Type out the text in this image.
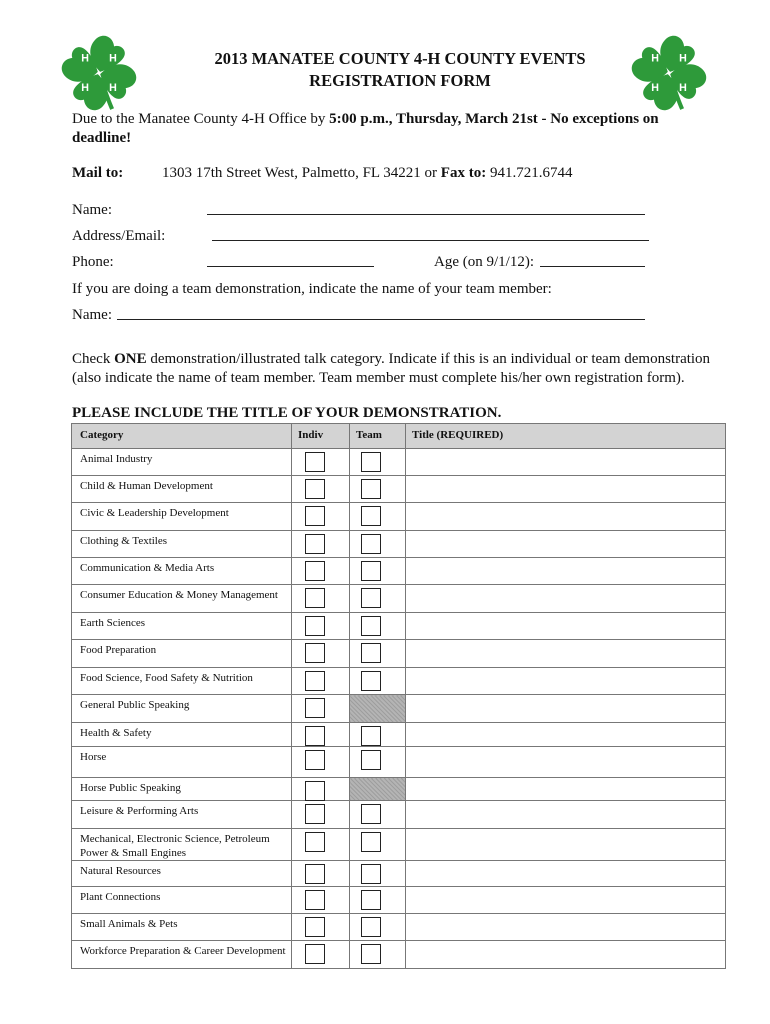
H H
H H
H H
H H
2013 MANATEE COUNTY 4-H COUNTY EVENTS
REGISTRATION FORM
Due to the Manatee County 4-H Office by 5:00 p.m., Thursday, March 21st - No exceptions on deadline!
Mail to:	1303 17th Street West, Palmetto, FL 34221 or Fax to: 941.721.6744
Name:
Address/Email:
Phone:	Age (on 9/1/12):
If you are doing a team demonstration, indicate the name of your team member:
Name:
Check ONE demonstration/illustrated talk category. Indicate if this is an individual or team demonstration (also indicate the name of team member. Team member must complete his/her own registration form).
PLEASE INCLUDE THE TITLE OF YOUR DEMONSTRATION.
Category	Indiv	Team	Title (REQUIRED)
Animal Industry	

Child & Human Development	

Civic & Leadership Development	

Clothing & Textiles	

Communication & Media Arts	

Consumer Education & Money Management	

Earth Sciences	

Food Preparation	

Food Science, Food Safety & Nutrition	

General Public Speaking	

Health & Safety	

Horse	

Horse Public Speaking	

Leisure & Performing Arts	

Mechanical, Electronic Science, Petroleum Power & Small Engines	

Natural Resources	

Plant Connections	

Small Animals & Pets	

Workforce Preparation & Career Development	
